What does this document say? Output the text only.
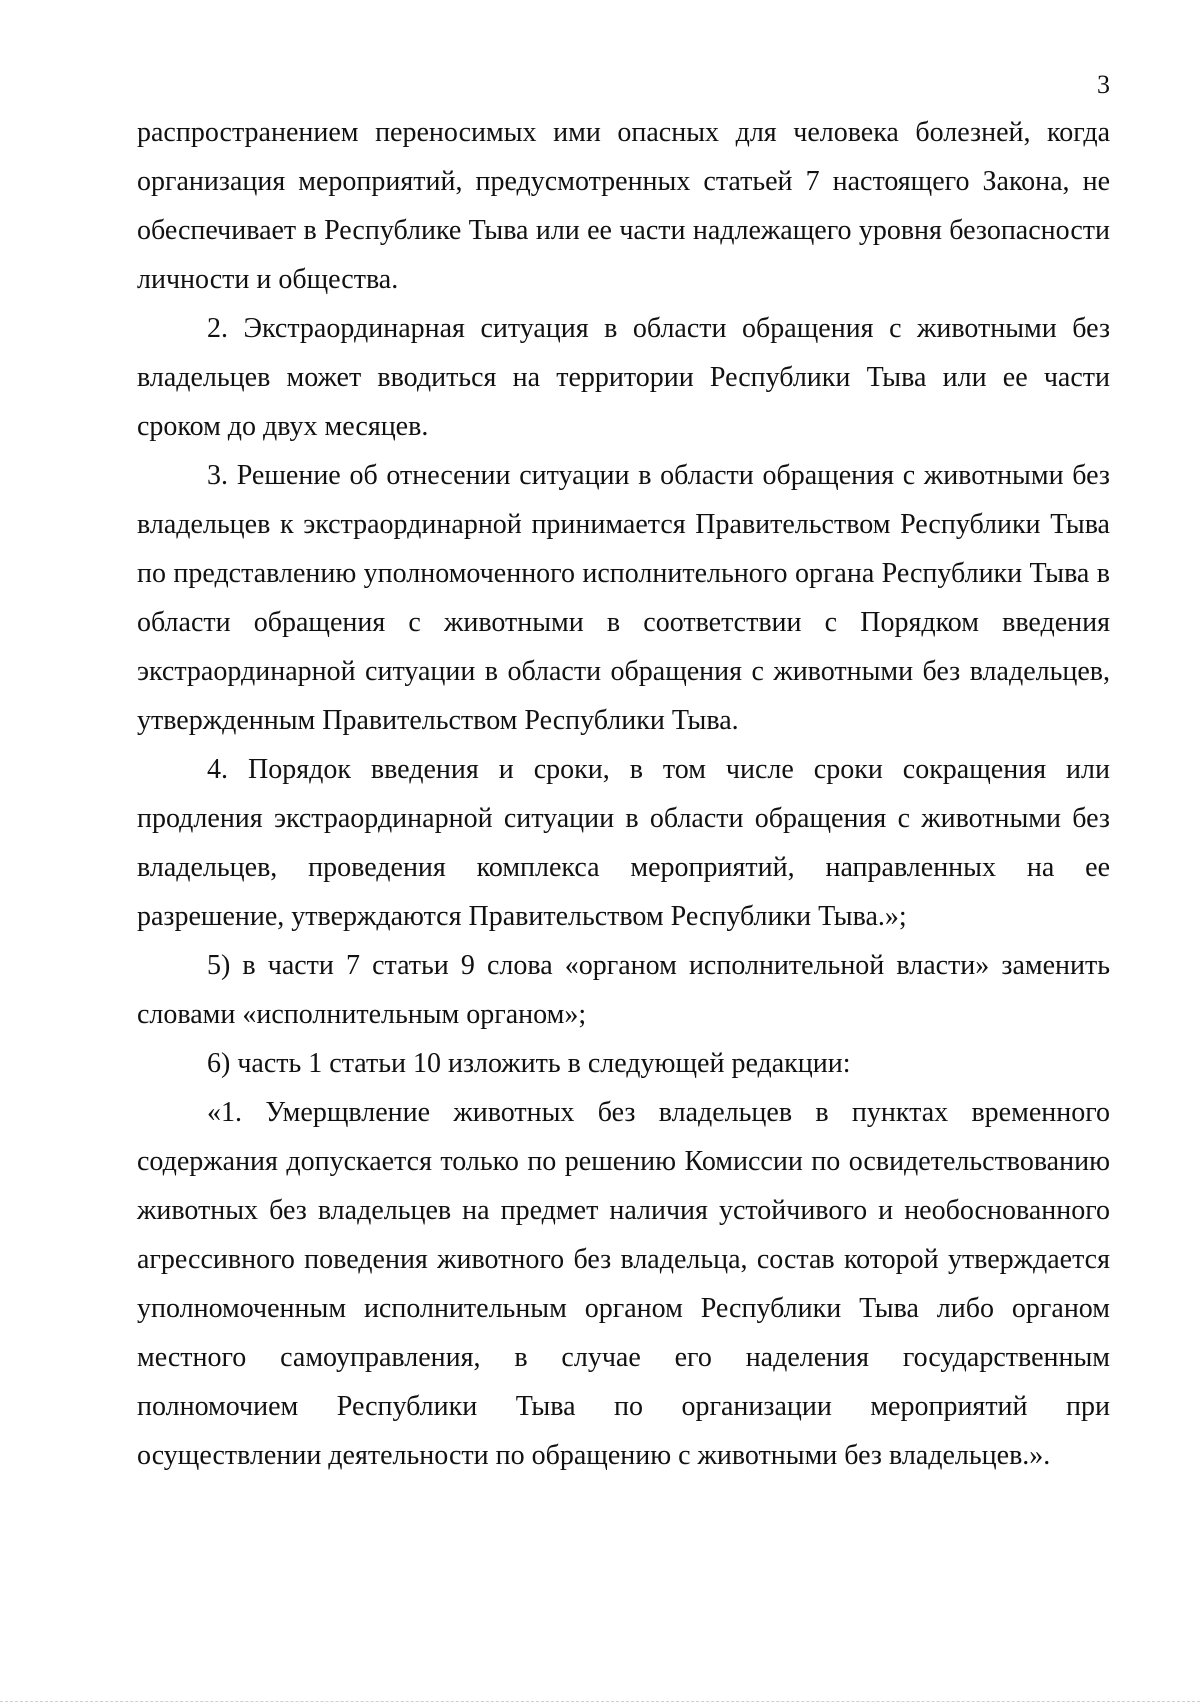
3

распространением переносимых ими опасных для человека болезней, когда организация мероприятий, предусмотренных статьей 7 настоящего Закона, не обеспечивает в Республике Тыва или ее части надлежащего уровня безопасности личности и общества.

2. Экстраординарная ситуация в области обращения с животными без владельцев может вводиться на территории Республики Тыва или ее части сроком до двух месяцев.

3. Решение об отнесении ситуации в области обращения с животными без владельцев к экстраординарной принимается Правительством Республики Тыва по представлению уполномоченного исполнительного органа Республики Тыва в области обращения с животными в соответствии с Порядком введения экстраординарной ситуации в области обращения с животными без владельцев, утвержденным Правительством Республики Тыва.

4. Порядок введения и сроки, в том числе сроки сокращения или продления экстраординарной ситуации в области обращения с животными без владельцев, проведения комплекса мероприятий, направленных на ее разрешение, утверждаются Правительством Республики Тыва.»;

5) в части 7 статьи 9 слова «органом исполнительной власти» заменить словами «исполнительным органом»;

6) часть 1 статьи 10 изложить в следующей редакции:

«1. Умерщвление животных без владельцев в пунктах временного содержания допускается только по решению Комиссии по освидетельствованию животных без владельцев на предмет наличия устойчивого и необоснованного агрессивного поведения животного без владельца, состав которой утверждается уполномоченным исполнительным органом Республики Тыва либо органом местного самоуправления, в случае его наделения государственным полномочием Республики Тыва по организации мероприятий при осуществлении деятельности по обращению с животными без владельцев.».
